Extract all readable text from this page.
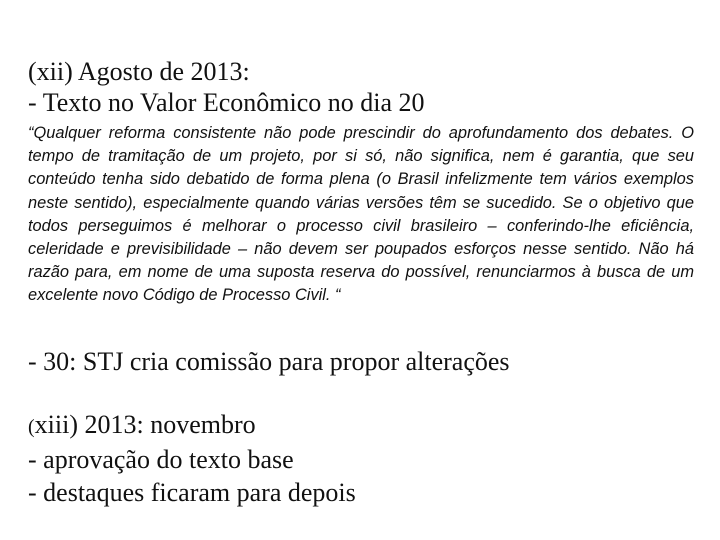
(xii) Agosto de 2013:
- Texto no Valor Econômico no dia 20

“Qualquer reforma consistente não pode prescindir do aprofundamento dos debates. O tempo de tramitação de um projeto, por si só, não significa, nem é garantia, que seu conteúdo tenha sido debatido de forma plena (o Brasil infelizmente tem vários exemplos neste sentido), especialmente quando várias versões têm se sucedido. Se o objetivo que todos perseguimos é melhorar o processo civil brasileiro – conferindo-lhe eficiência, celeridade e previsibilidade – não devem ser poupados esforços nesse sentido. Não há razão para, em nome de uma suposta reserva do possível, renunciarmos à busca de um excelente novo Código de Processo Civil. “

- 30: STJ cria comissão para propor alterações
(xiii) 2013: novembro
- aprovação do texto base
- destaques ficaram para depois
